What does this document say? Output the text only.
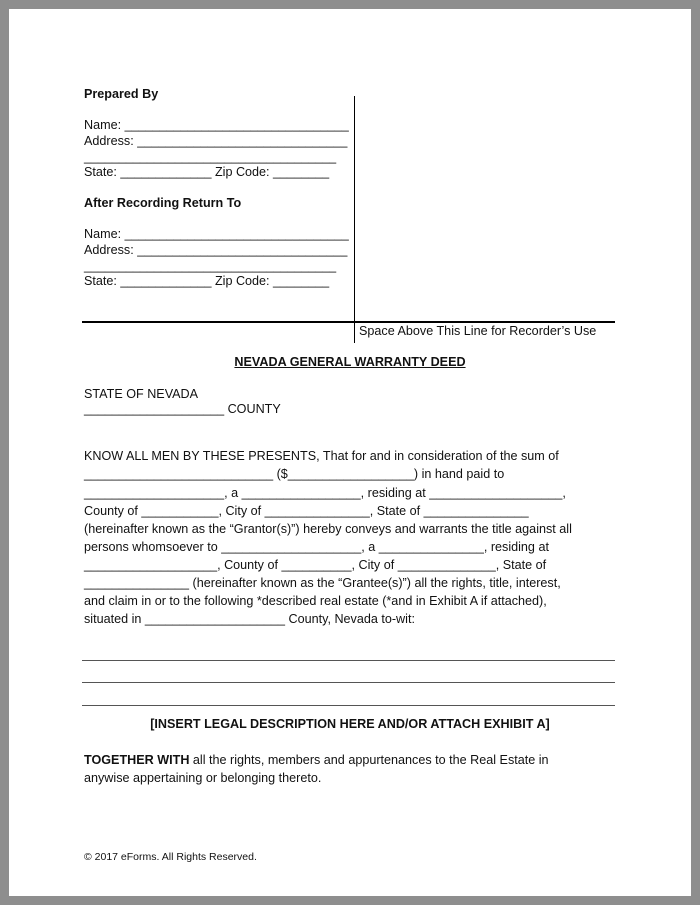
Prepared By
Name: ________________________________
Address: ______________________________
____________________________________
State: _____________ Zip Code: ________
After Recording Return To
Name: ________________________________
Address: ______________________________
____________________________________
State: _____________ Zip Code: ________
Space Above This Line for Recorder’s Use
NEVADA GENERAL WARRANTY DEED
STATE OF NEVADA
____________________ COUNTY
KNOW ALL MEN BY THESE PRESENTS, That for and in consideration of the sum of
___________________________ ($__________________) in hand paid to
____________________, a _________________, residing at ___________________,
County of ___________, City of _______________, State of _______________
(hereinafter known as the “Grantor(s)”) hereby conveys and warrants the title against all
persons whomsoever to ____________________, a _______________, residing at
___________________, County of __________, City of ______________, State of
_______________ (hereinafter known as the “Grantee(s)”) all the rights, title, interest,
and claim in or to the following *described real estate (*and in Exhibit A if attached),
situated in ____________________ County, Nevada to-wit:
[INSERT LEGAL DESCRIPTION HERE AND/OR ATTACH EXHIBIT A]
TOGETHER WITH all the rights, members and appurtenances to the Real Estate in
anywise appertaining or belonging thereto.
© 2017 eForms. All Rights Reserved.
